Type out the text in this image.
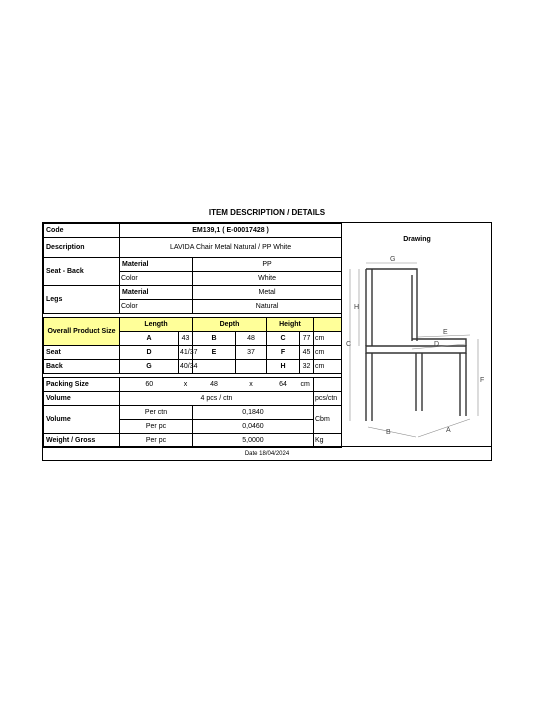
ITEM DESCRIPTION / DETAILS
Code	EM139,1 ( E-00017428 )						
Description	LAVIDA Chair Metal Natural / PP White						
Seat - Back	Material		PP				
	Color		White				
Legs	Material		Metal				
	Color		Natural				

Overall Product Size	Length		Depth		Height		
	A	43	B	48	C	77	cm
Seat	D	41/37	E	37	F	45	cm
Back	G	40/34			H	32	cm

Packing Size	60	x	48	x	64	cm	
Volume	4 pcs / ctn						pcs/ctn
Volume	Per ctn		0,1840				Cbm
	Per pc		0,0460				
Weight / Gross	Per pc		5,0000				Kg
Drawing
G
H
C
E
D
F
B	A
Date 18/04/2024
